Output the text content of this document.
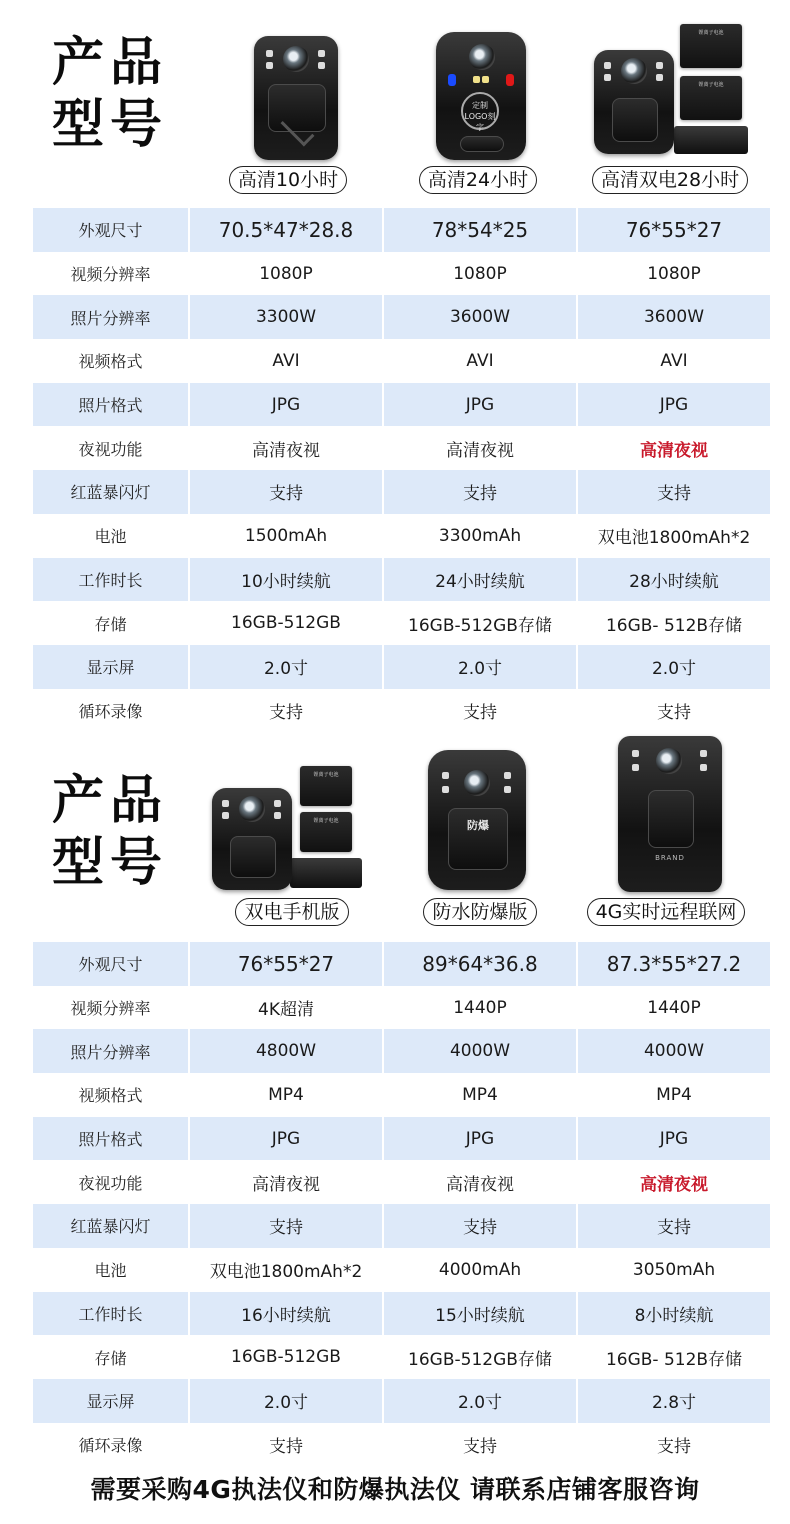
产品
型号
高清10小时
定制LOGO刻字
高清24小时
锂离子电池
锂离子电池
高清双电28小时
外观尺寸	70.5*47*28.8	78*54*25	76*55*27
视频分辨率	1080P	1080P	1080P
照片分辨率	3300W	3600W	3600W
视频格式	AVI	AVI	AVI
照片格式	JPG	JPG	JPG
夜视功能	高清夜视	高清夜视	高清夜视
红蓝暴闪灯	支持	支持	支持
电池	1500mAh	3300mAh	双电池1800mAh*2
工作时长	10小时续航	24小时续航	28小时续航
存储	16GB-512GB	16GB-512GB存储	16GB- 512B存储
显示屏	2.0寸	2.0寸	2.0寸
循环录像	支持	支持	支持
产品
型号
锂离子电池
锂离子电池
双电手机版
防爆
防水防爆版
BRAND
4G实时远程联网
外观尺寸	76*55*27	89*64*36.8	87.3*55*27.2
视频分辨率	4K超清	1440P	1440P
照片分辨率	4800W	4000W	4000W
视频格式	MP4	MP4	MP4
照片格式	JPG	JPG	JPG
夜视功能	高清夜视	高清夜视	高清夜视
红蓝暴闪灯	支持	支持	支持
电池	双电池1800mAh*2	4000mAh	3050mAh
工作时长	16小时续航	15小时续航	8小时续航
存储	16GB-512GB	16GB-512GB存储	16GB- 512B存储
显示屏	2.0寸	2.0寸	2.8寸
循环录像	支持	支持	支持
需要采购4G执法仪和防爆执法仪 请联系店铺客服咨询
